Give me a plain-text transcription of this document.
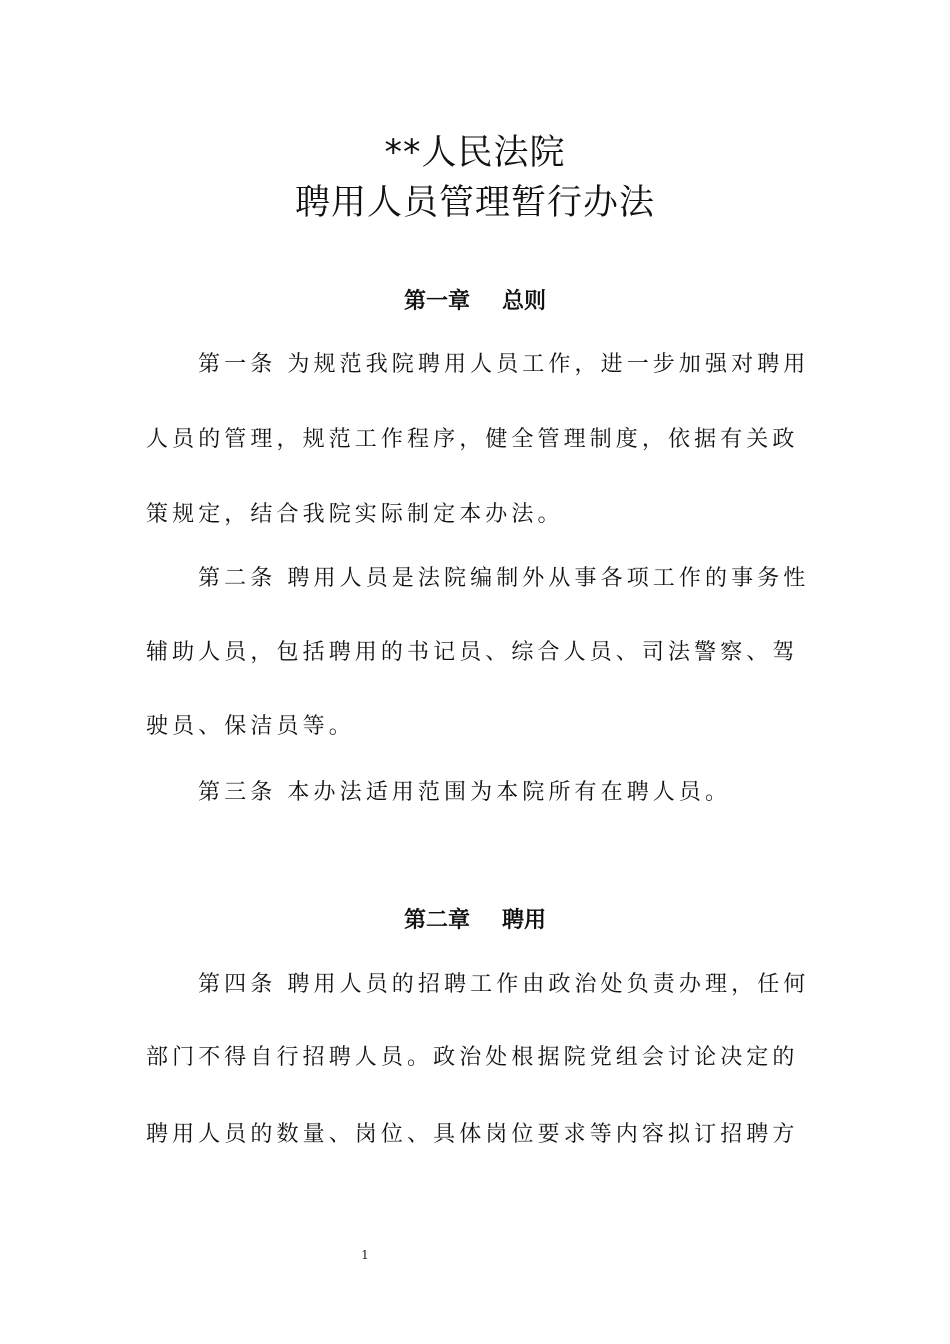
**人民法院
聘用人员管理暂行办法
第一章 总则
第一条 为规范我院聘用人员工作，进一步加强对聘用
人员的管理，规范工作程序，健全管理制度，依据有关政
策规定，结合我院实际制定本办法。
第二条 聘用人员是法院编制外从事各项工作的事务性
辅助人员，包括聘用的书记员、综合人员、司法警察、驾
驶员、保洁员等。
第三条 本办法适用范围为本院所有在聘人员。
第二章 聘用
第四条 聘用人员的招聘工作由政治处负责办理，任何
部门不得自行招聘人员。政治处根据院党组会讨论决定的
聘用人员的数量、岗位、具体岗位要求等内容拟订招聘方
1
